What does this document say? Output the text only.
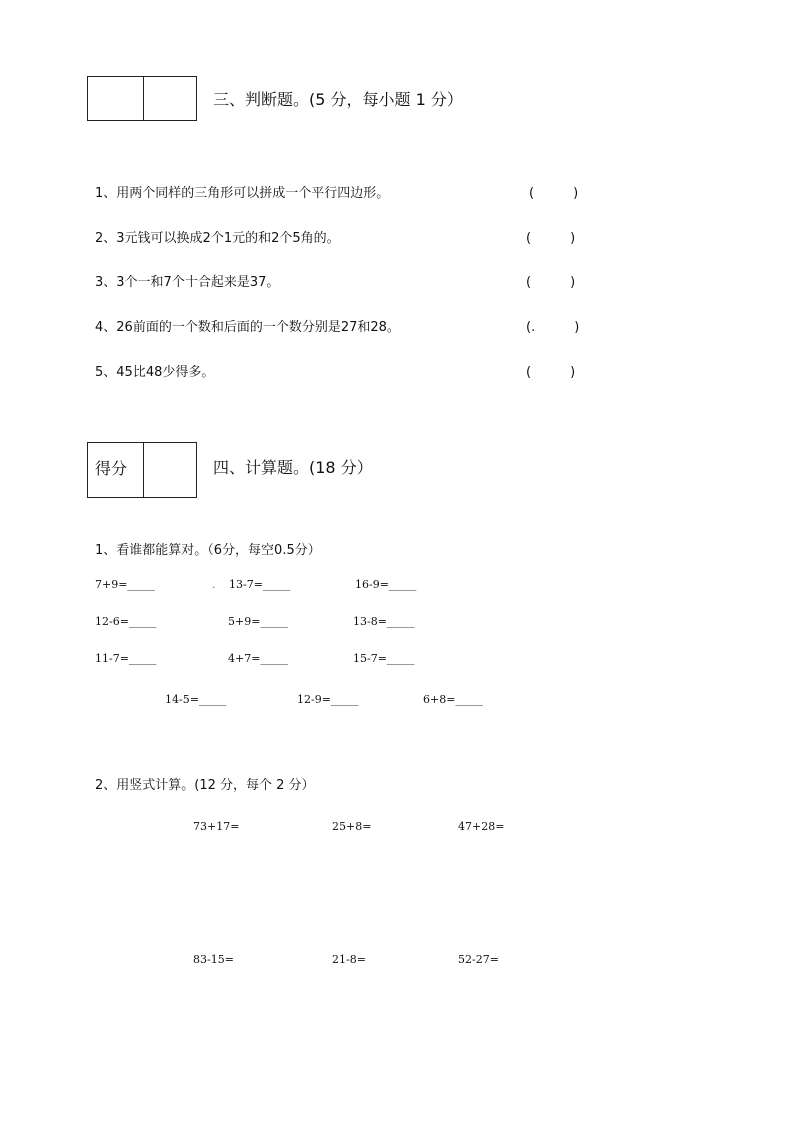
三、判断题。(5 分，每小题 1 分）
1、用两个同样的三角形可以拼成一个平行四边形。	(　　　)
2、3元钱可以换成2个1元的和2个5角的。	(　　　)
3、3个一和7个十合起来是37。	(　　　)
4、26前面的一个数和后面的一个数分别是27和28。	(.　　　)
5、45比48少得多。	(　　　)
得分	四、计算题。(18 分）
1、看谁都能算对。（6分，每空0.5分）
7+9=_____	. 13-7=_____	16-9=_____
12-6=_____	5+9=_____	13-8=_____
11-7=_____	4+7=_____	15-7=_____
14-5=_____	12-9=_____	6+8=_____
2、用竖式计算。(12 分，每个 2 分）
73+17=	25+8=	47+28=
83-15=	21-8=	52-27=
